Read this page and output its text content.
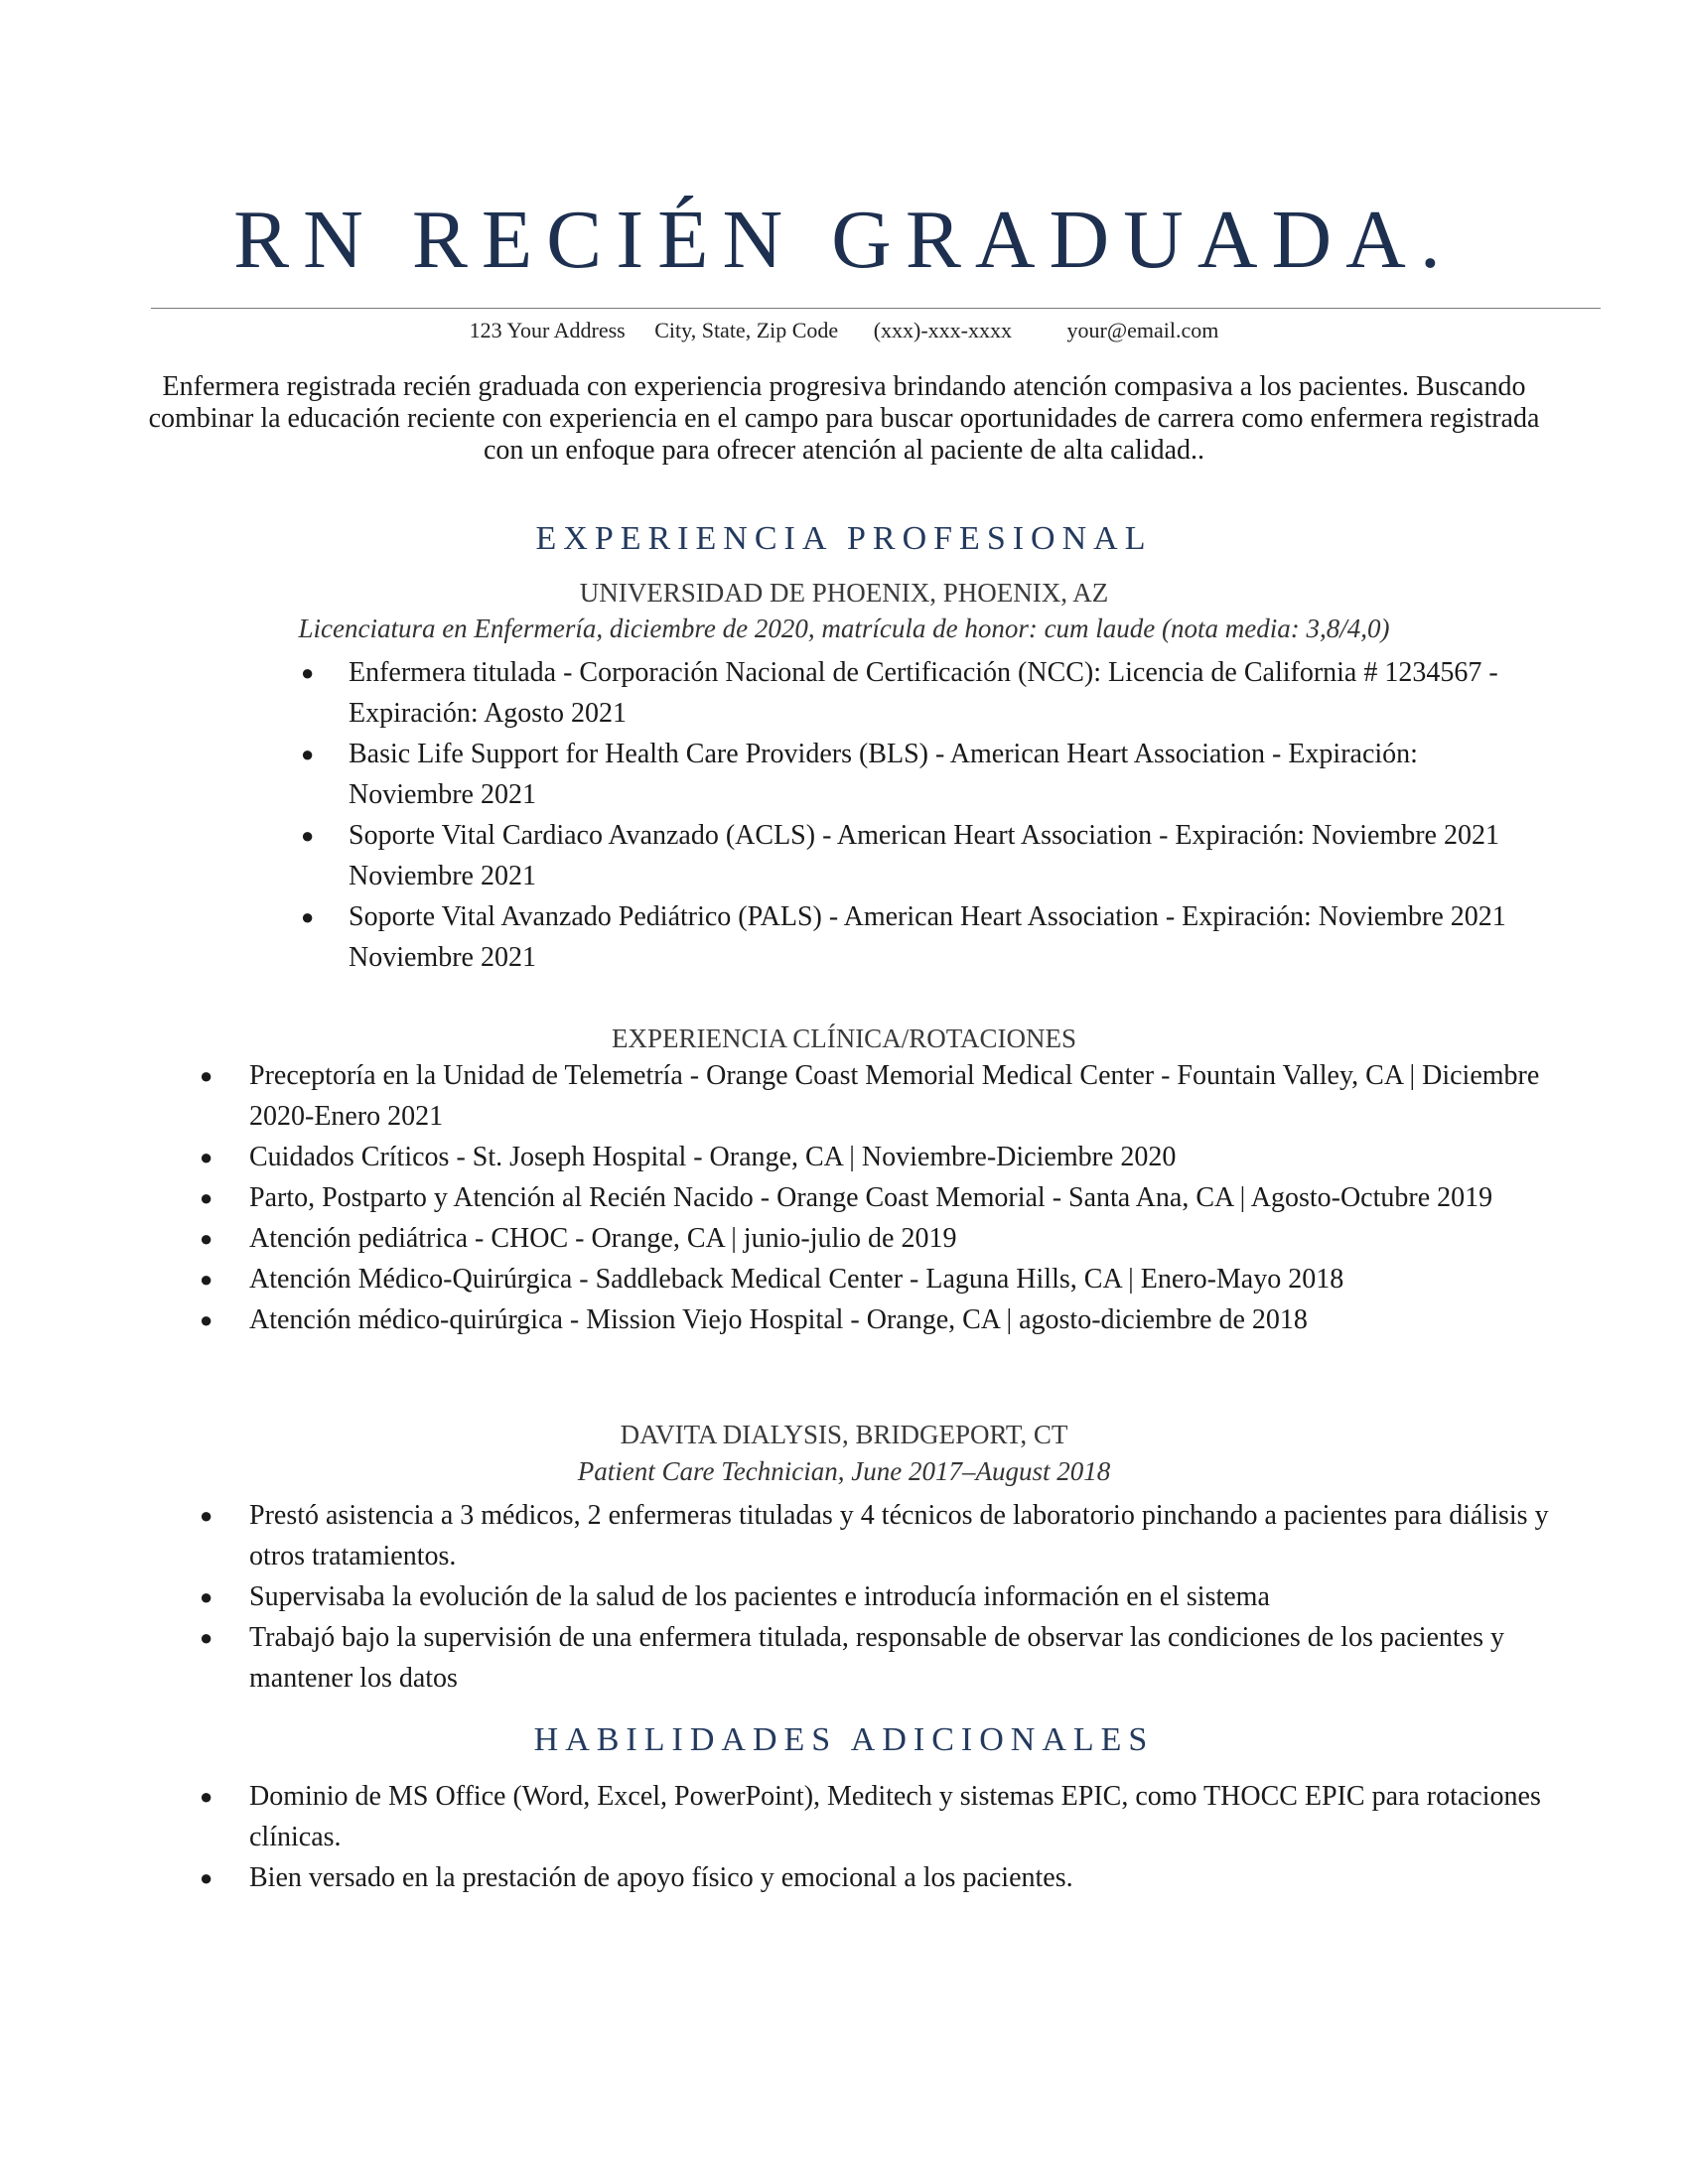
RN RECIÉN GRADUADA.
123 Your Address City, State, Zip Code (xxx)-xxx-xxxx	your@email.com
Enfermera registrada recién graduada con experiencia progresiva brindando atención compasiva a los pacientes. Buscando combinar la educación reciente con experiencia en el campo para buscar oportunidades de carrera como enfermera registrada con un enfoque para ofrecer atención al paciente de alta calidad..
EXPERIENCIA PROFESIONAL
UNIVERSIDAD DE PHOENIX, PHOENIX, AZ
Licenciatura en Enfermería, diciembre de 2020, matrícula de honor: cum laude (nota media: 3,8/4,0)
● Enfermera titulada - Corporación Nacional de Certificación (NCC): Licencia de California # 1234567 - Expiración: Agosto 2021
● Basic Life Support for Health Care Providers (BLS) - American Heart Association - Expiración: Noviembre 2021
● Soporte Vital Cardiaco Avanzado (ACLS) - American Heart Association - Expiración: Noviembre 2021 Noviembre 2021
● Soporte Vital Avanzado Pediátrico (PALS) - American Heart Association - Expiración: Noviembre 2021 Noviembre 2021
EXPERIENCIA CLÍNICA/ROTACIONES
● Preceptoría en la Unidad de Telemetría - Orange Coast Memorial Medical Center - Fountain Valley, CA | Diciembre 2020-Enero 2021
● Cuidados Críticos - St. Joseph Hospital - Orange, CA | Noviembre-Diciembre 2020
● Parto, Postparto y Atención al Recién Nacido - Orange Coast Memorial - Santa Ana, CA | Agosto-Octubre 2019
● Atención pediátrica - CHOC - Orange, CA | junio-julio de 2019
● Atención Médico-Quirúrgica - Saddleback Medical Center - Laguna Hills, CA | Enero-Mayo 2018
● Atención médico-quirúrgica - Mission Viejo Hospital - Orange, CA | agosto-diciembre de 2018
DAVITA DIALYSIS, BRIDGEPORT, CT
Patient Care Technician, June 2017–August 2018
● Prestó asistencia a 3 médicos, 2 enfermeras tituladas y 4 técnicos de laboratorio pinchando a pacientes para diálisis y otros tratamientos.
● Supervisaba la evolución de la salud de los pacientes e introducía información en el sistema
● Trabajó bajo la supervisión de una enfermera titulada, responsable de observar las condiciones de los pacientes y mantener los datos
HABILIDADES ADICIONALES
● Dominio de MS Office (Word, Excel, PowerPoint), Meditech y sistemas EPIC, como THOCC EPIC para rotaciones clínicas.
● Bien versado en la prestación de apoyo físico y emocional a los pacientes.
